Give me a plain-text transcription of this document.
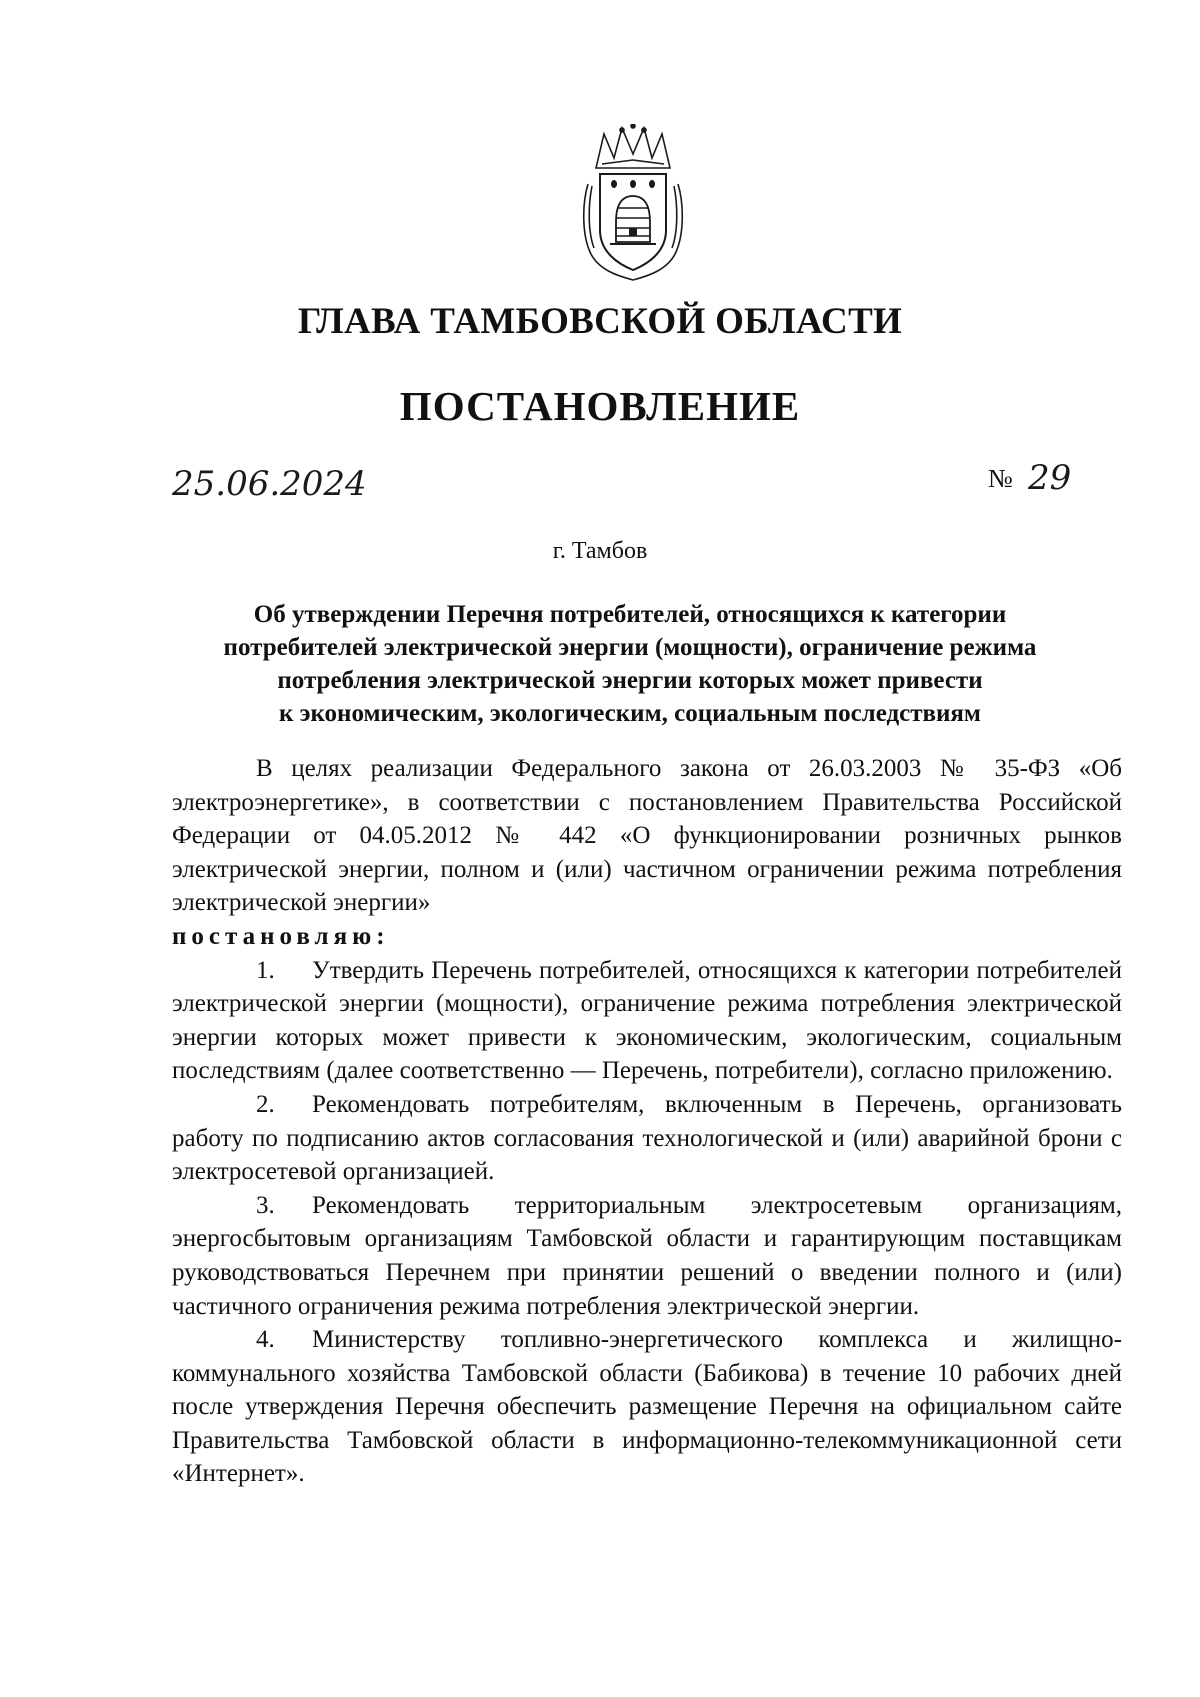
ГЛАВА ТАМБОВСКОЙ ОБЛАСТИ
ПОСТАНОВЛЕНИЕ
25.06.2024	№ 29
г. Тамбов
Об утверждении Перечня потребителей, относящихся к категории
потребителей электрической энергии (мощности), ограничение режима
потребления электрической энергии которых может привести
к экономическим, экологическим, социальным последствиям

В целях реализации Федерального закона от 26.03.2003 № 35-ФЗ «Об электроэнергетике», в соответствии с постановлением Правительства Российской Федерации от 04.05.2012 № 442 «О функционировании розничных рынков электрической энергии, полном и (или) частичном ограничении режима потребления электрической энергии»

постановляю:

1. Утвердить Перечень потребителей, относящихся к категории потребителей электрической энергии (мощности), ограничение режима потребления электрической энергии которых может привести к экономическим, экологическим, социальным последствиям (далее соответственно — Перечень, потребители), согласно приложению.

2. Рекомендовать потребителям, включенным в Перечень, организовать работу по подписанию актов согласования технологической и (или) аварийной брони с электросетевой организацией.

3. Рекомендовать территориальным электросетевым организациям, энергосбытовым организациям Тамбовской области и гарантирующим поставщикам руководствоваться Перечнем при принятии решений о введении полного и (или) частичного ограничения режима потребления электрической энергии.

4. Министерству топливно-энергетического комплекса и жилищно-коммунального хозяйства Тамбовской области (Бабикова) в течение 10 рабочих дней после утверждения Перечня обеспечить размещение Перечня на официальном сайте Правительства Тамбовской области в информационно-телекоммуникационной сети «Интернет».
